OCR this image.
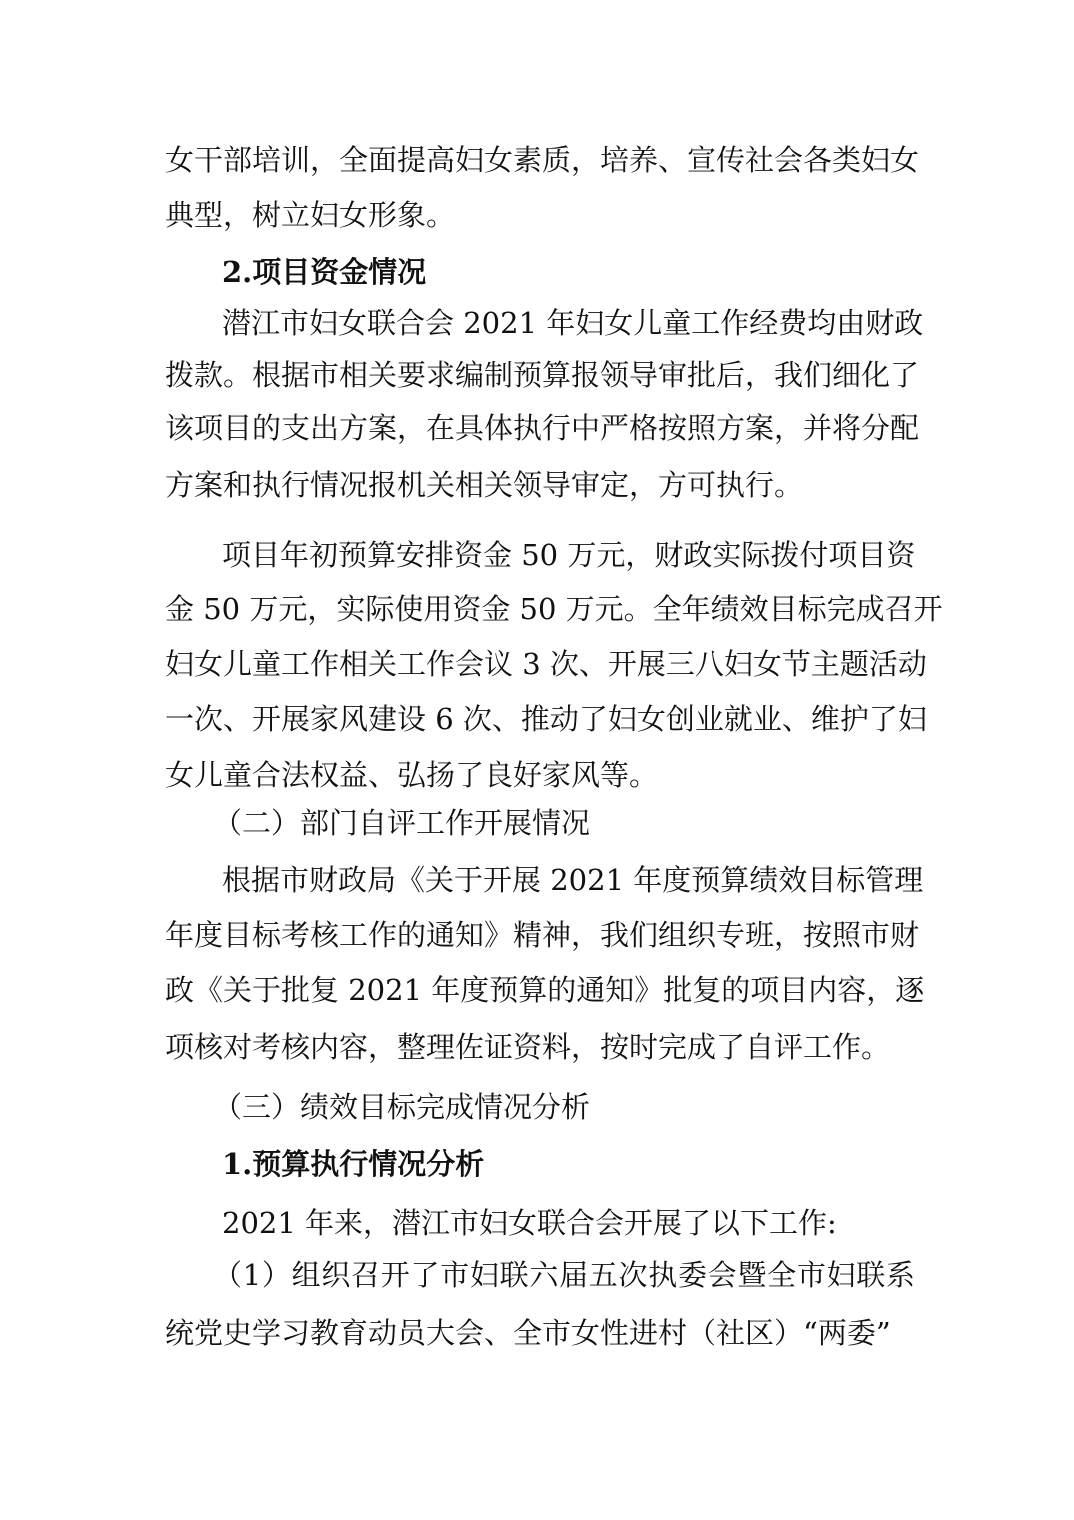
女干部培训，全面提高妇女素质，培养、宣传社会各类妇女
典型，树立妇女形象。
2.项目资金情况
潜江市妇女联合会 2021 年妇女儿童工作经费均由财政
拨款。根据市相关要求编制预算报领导审批后，我们细化了
该项目的支出方案，在具体执行中严格按照方案，并将分配
方案和执行情况报机关相关领导审定，方可执行。
项目年初预算安排资金 50 万元，财政实际拨付项目资
金 50 万元，实际使用资金 50 万元。全年绩效目标完成召开
妇女儿童工作相关工作会议 3 次、开展三八妇女节主题活动
一次、开展家风建设 6 次、推动了妇女创业就业、维护了妇
女儿童合法权益、弘扬了良好家风等。
（二）部门自评工作开展情况
根据市财政局《关于开展 2021 年度预算绩效目标管理
年度目标考核工作的通知》精神，我们组织专班，按照市财
政《关于批复 2021 年度预算的通知》批复的项目内容，逐
项核对考核内容，整理佐证资料，按时完成了自评工作。
（三）绩效目标完成情况分析
1.预算执行情况分析
2021 年来，潜江市妇女联合会开展了以下工作:
（1）组织召开了市妇联六届五次执委会暨全市妇联系
统党史学习教育动员大会、全市女性进村（社区）“两委”
